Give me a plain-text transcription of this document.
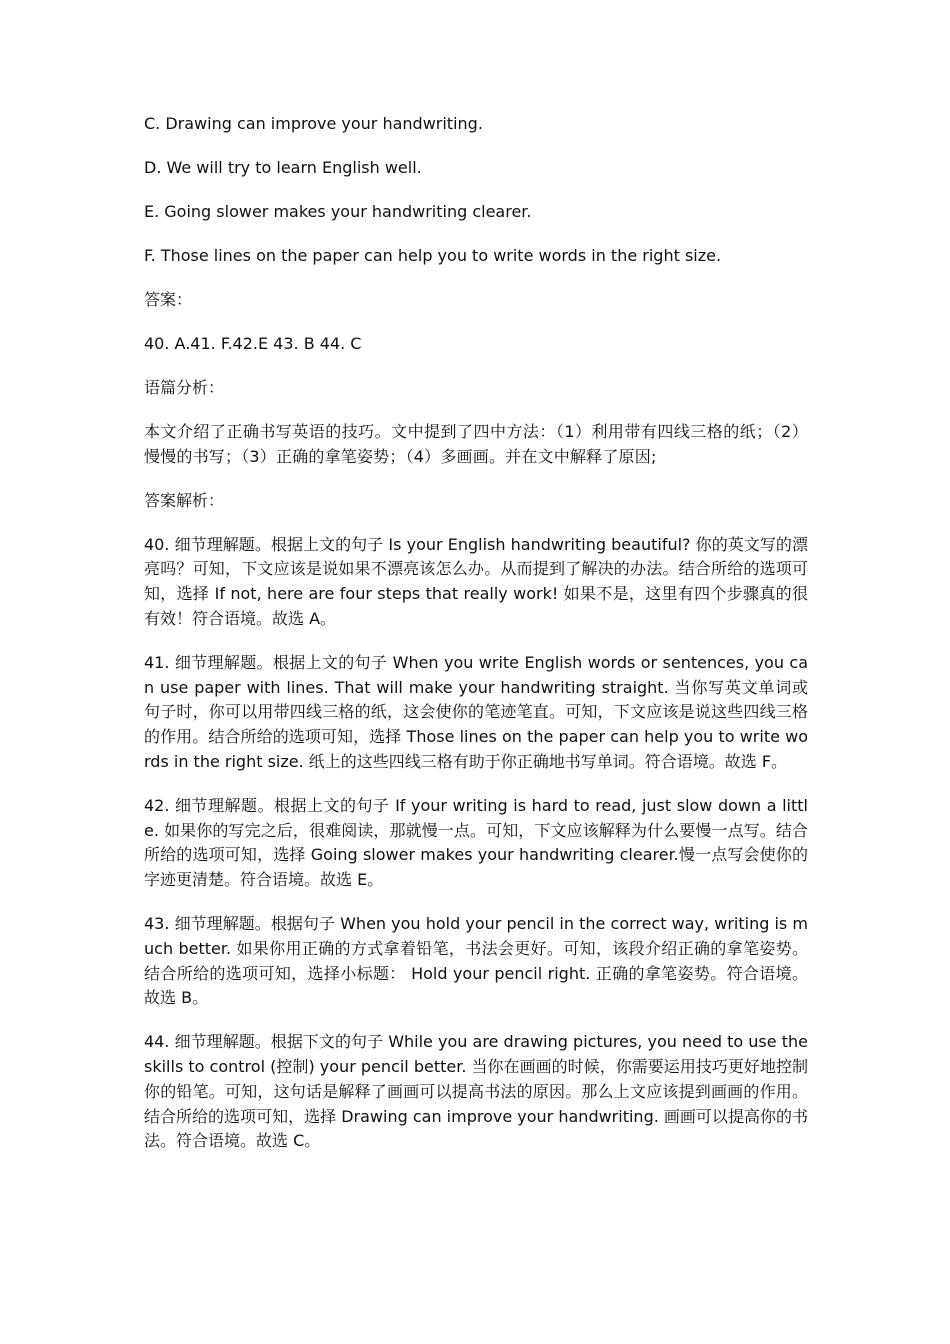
C. Drawing can improve your handwriting.

D. We will try to learn English well.

E. Going slower makes your handwriting clearer.

F. Those lines on the paper can help you to write words in the right size.

答案：

40. A.41. F.42.E 43. B 44. C

语篇分析：

本文介绍了正确书写英语的技巧。文中提到了四中方法：（1）利用带有四线三格的纸；（2）慢慢的书写；（3）正确的拿笔姿势；（4）多画画。并在文中解释了原因;

答案解析：

40. 细节理解题。根据上文的句子 Is your English handwriting beautiful? 你的英文写的漂亮吗？可知，下文应该是说如果不漂亮该怎么办。从而提到了解决的办法。结合所给的选项可知，选择 If not, here are four steps that really work! 如果不是，这里有四个步骤真的很有效！符合语境。故选 A。

41. 细节理解题。根据上文的句子 When you write English words or sentences, you can use paper with lines. That will make your handwriting straight. 当你写英文单词或句子时，你可以用带四线三格的纸，这会使你的笔迹笔直。可知，下文应该是说这些四线三格的作用。结合所给的选项可知，选择 Those lines on the paper can help you to write words in the right size. 纸上的这些四线三格有助于你正确地书写单词。符合语境。故选 F。

42. 细节理解题。根据上文的句子 If your writing is hard to read, just slow down a little. 如果你的写完之后，很难阅读，那就慢一点。可知，下文应该解释为什么要慢一点写。结合所给的选项可知，选择 Going slower makes your handwriting clearer.慢一点写会使你的字迹更清楚。符合语境。故选 E。

43. 细节理解题。根据句子 When you hold your pencil in the correct way, writing is much better. 如果你用正确的方式拿着铅笔，书法会更好。可知，该段介绍正确的拿笔姿势。结合所给的选项可知，选择小标题： Hold your pencil right. 正确的拿笔姿势。符合语境。故选 B。

44. 细节理解题。根据下文的句子 While you are drawing pictures, you need to use the skills to control (控制) your pencil better. 当你在画画的时候，你需要运用技巧更好地控制你的铅笔。可知，这句话是解释了画画可以提高书法的原因。那么上文应该提到画画的作用。结合所给的选项可知，选择 Drawing can improve your handwriting. 画画可以提高你的书法。符合语境。故选 C。
